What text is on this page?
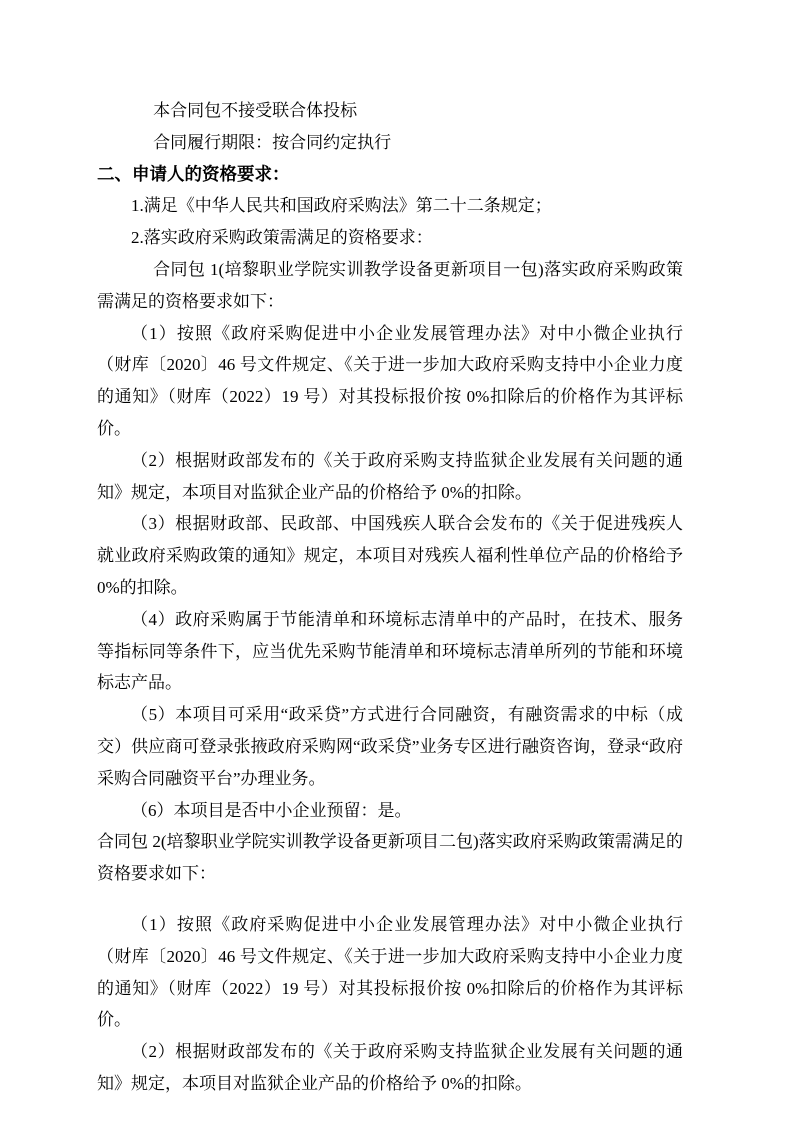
本合同包不接受联合体投标

合同履行期限：按合同约定执行

二、申请人的资格要求：

1.满足《中华人民共和国政府采购法》第二十二条规定；

2.落实政府采购政策需满足的资格要求：

合同包 1(培黎职业学院实训教学设备更新项目一包)落实政府采购政策需满足的资格要求如下：

（1）按照《政府采购促进中小企业发展管理办法》对中小微企业执行（财库〔2020〕46 号文件规定、《关于进一步加大政府采购支持中小企业力度的通知》（财库（2022）19 号）对其投标报价按 0%扣除后的价格作为其评标价。

（2）根据财政部发布的《关于政府采购支持监狱企业发展有关问题的通知》规定，本项目对监狱企业产品的价格给予 0%的扣除。

（3）根据财政部、民政部、中国残疾人联合会发布的《关于促进残疾人就业政府采购政策的通知》规定，本项目对残疾人福利性单位产品的价格给予 0%的扣除。

（4）政府采购属于节能清单和环境标志清单中的产品时，在技术、服务等指标同等条件下，应当优先采购节能清单和环境标志清单所列的节能和环境标志产品。

（5）本项目可采用“政采贷”方式进行合同融资，有融资需求的中标（成交）供应商可登录张掖政府采购网“政采贷”业务专区进行融资咨询，登录“政府采购合同融资平台”办理业务。

（6）本项目是否中小企业预留：是。

合同包 2(培黎职业学院实训教学设备更新项目二包)落实政府采购政策需满足的资格要求如下：

（1）按照《政府采购促进中小企业发展管理办法》对中小微企业执行（财库〔2020〕46 号文件规定、《关于进一步加大政府采购支持中小企业力度的通知》（财库（2022）19 号）对其投标报价按 0%扣除后的价格作为其评标价。

（2）根据财政部发布的《关于政府采购支持监狱企业发展有关问题的通知》规定，本项目对监狱企业产品的价格给予 0%的扣除。
